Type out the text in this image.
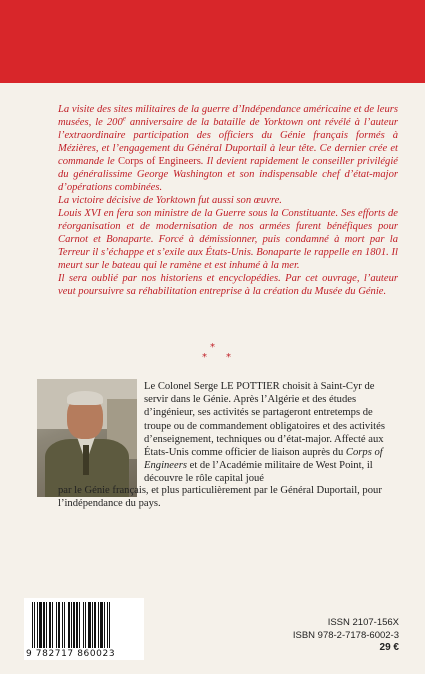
La visite des sites militaires de la guerre d’Indépendance américaine et de leurs musées, le 200e anniversaire de la bataille de Yorktown ont révélé à l’auteur l’extraordinaire participation des officiers du Génie français formés à Mézières, et l’engagement du Général Duportail à leur tête. Ce dernier crée et commande le Corps of Engineers. Il devient rapidement le conseiller privilégié du généralissime George Washington et son indispensable chef d’état-major d’opérations combinées.

La victoire décisive de Yorktown fut aussi son œuvre.

Louis XVI en fera son ministre de la Guerre sous la Constituante. Ses efforts de réorganisation et de modernisation de nos armées furent bénéfiques pour Carnot et Bonaparte. Forcé à démissionner, puis condamné à mort par la Terreur il s’échappe et s’exile aux États-Unis. Bonaparte le rappelle en 1801. Il meurt sur le bateau qui le ramène et est inhumé à la mer.

Il sera oublié par nos historiens et encyclopédies. Par cet ouvrage, l’auteur veut poursuivre sa réhabilitation entreprise à la création du Musée du Génie.

*
* *
Le Colonel Serge LE POTTIER choisit à Saint-Cyr de servir dans le Génie. Après l’Algérie et des études d’ingénieur, ses activités se partageront entretemps de troupe ou de commandement obligatoires et des activités d’enseignement, techniques ou d’état-major. Affecté aux États-Unis comme officier de liaison auprès du Corps of Engineers et de l’Académie militaire de West Point, il découvre le rôle capital joué
par le Génie français, et plus particulièrement par le Général Duportail, pour l’indépendance du pays.
9 782717 860023
ISSN 2107-156X
ISBN 978-2-7178-6002-3
29 €
